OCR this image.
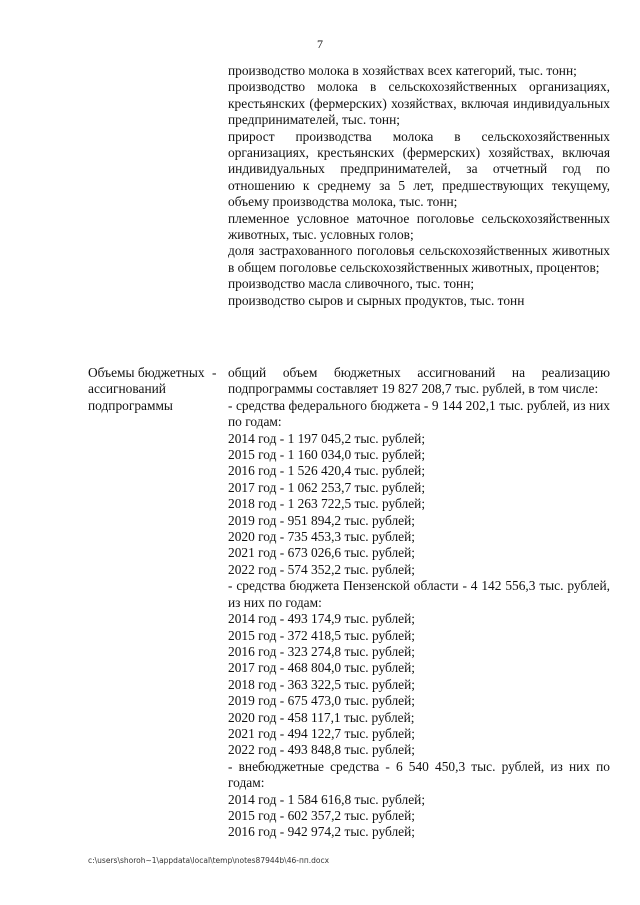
7

производство молока в хозяйствах всех категорий, тыс. тонн;

производство молока в сельскохозяйственных организациях, крестьянских (фермерских) хозяйствах, включая индивидуальных предпринимателей, тыс. тонн;

прирост производства молока в сельскохозяйственных организациях, крестьянских (фермерских) хозяйствах, включая индивидуальных предпринимателей, за отчетный год по отношению к среднему за 5 лет, предшествующих текущему, объему производства молока, тыс. тонн;

племенное условное маточное поголовье сельскохозяйственных животных, тыс. условных голов;

доля застрахованного поголовья сельскохозяйственных животных в общем поголовье сельскохозяйственных животных, процентов;

производство масла сливочного, тыс. тонн;

производство сыров и сырных продуктов, тыс. тонн

Объемы бюджетных ассигнований подпрограммы
- общий объем бюджетных ассигнований на реализацию подпрограммы составляет 19 827 208,7 тыс. рублей, в том числе:

- средства федерального бюджета - 9 144 202,1 тыс. рублей, из них по годам:

2014 год - 1 197 045,2 тыс. рублей;
2015 год - 1 160 034,0 тыс. рублей;
2016 год - 1 526 420,4 тыс. рублей;
2017 год - 1 062 253,7 тыс. рублей;
2018 год - 1 263 722,5 тыс. рублей;
2019 год - 951 894,2 тыс. рублей;
2020 год - 735 453,3 тыс. рублей;
2021 год - 673 026,6 тыс. рублей;
2022 год - 574 352,2 тыс. рублей;

- средства бюджета Пензенской области - 4 142 556,3 тыс. рублей, из них по годам:

2014 год - 493 174,9 тыс. рублей;
2015 год - 372 418,5 тыс. рублей;
2016 год - 323 274,8 тыс. рублей;
2017 год - 468 804,0 тыс. рублей;
2018 год - 363 322,5 тыс. рублей;
2019 год - 675 473,0 тыс. рублей;
2020 год - 458 117,1 тыс. рублей;
2021 год - 494 122,7 тыс. рублей;
2022 год - 493 848,8 тыс. рублей;

- внебюджетные средства - 6 540 450,3 тыс. рублей, из них по годам:

2014 год - 1 584 616,8 тыс. рублей;
2015 год - 602 357,2 тыс. рублей;
2016 год - 942 974,2 тыс. рублей;
c:\users\shoroh~1\appdata\local\temp\notes87944b\46-пп.docx
